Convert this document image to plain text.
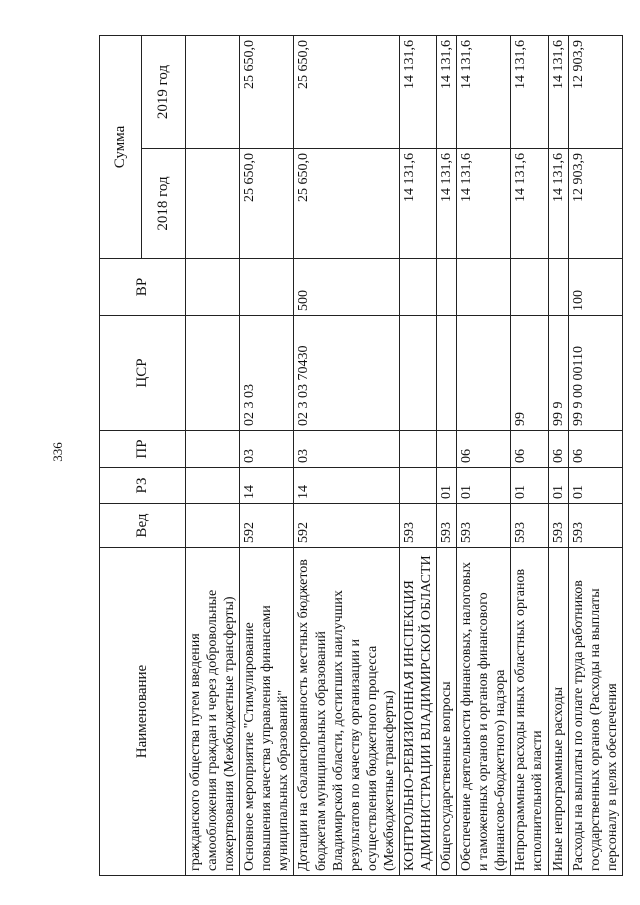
336
Наименование	Вед	РЗ	ПР	ЦСР	ВР	Сумма	
						2018 год	2019 год
гражданского общества путем введения самообложения граждан и через добровольные пожертвования (Межбюджетные трансферты)							
Основное мероприятие "Стимулирование повышения качества управления финансами муниципальных образований"	592	14	03	02 3 03		25 650,0	25 650,0
Дотации на сбалансированность местных бюджетов бюджетам муниципальных образований Владимирской области, достигших наилучших результатов по качеству организации и осуществления бюджетного процесса (Межбюджетные трансферты)	592	14	03	02 3 03 70430	500	25 650,0	25 650,0
КОНТРОЛЬНО-РЕВИЗИОННАЯ ИНСПЕКЦИЯ АДМИНИСТРАЦИИ ВЛАДИМИРСКОЙ ОБЛАСТИ	593					14 131,6	14 131,6
Общегосударственные вопросы	593	01				14 131,6	14 131,6
Обеспечение деятельности финансовых, налоговых и таможенных органов и органов финансового (финансово-бюджетного) надзора	593	01	06			14 131,6	14 131,6
Непрограммные расходы иных областных органов исполнительной власти	593	01	06	99		14 131,6	14 131,6
Иные непрограммные расходы	593	01	06	99 9		14 131,6	14 131,6
Расходы на выплаты по оплате труда работников государственных органов (Расходы на выплаты персоналу в целях обеспечения	593	01	06	99 9 00 00110	100	12 903,9	12 903,9
